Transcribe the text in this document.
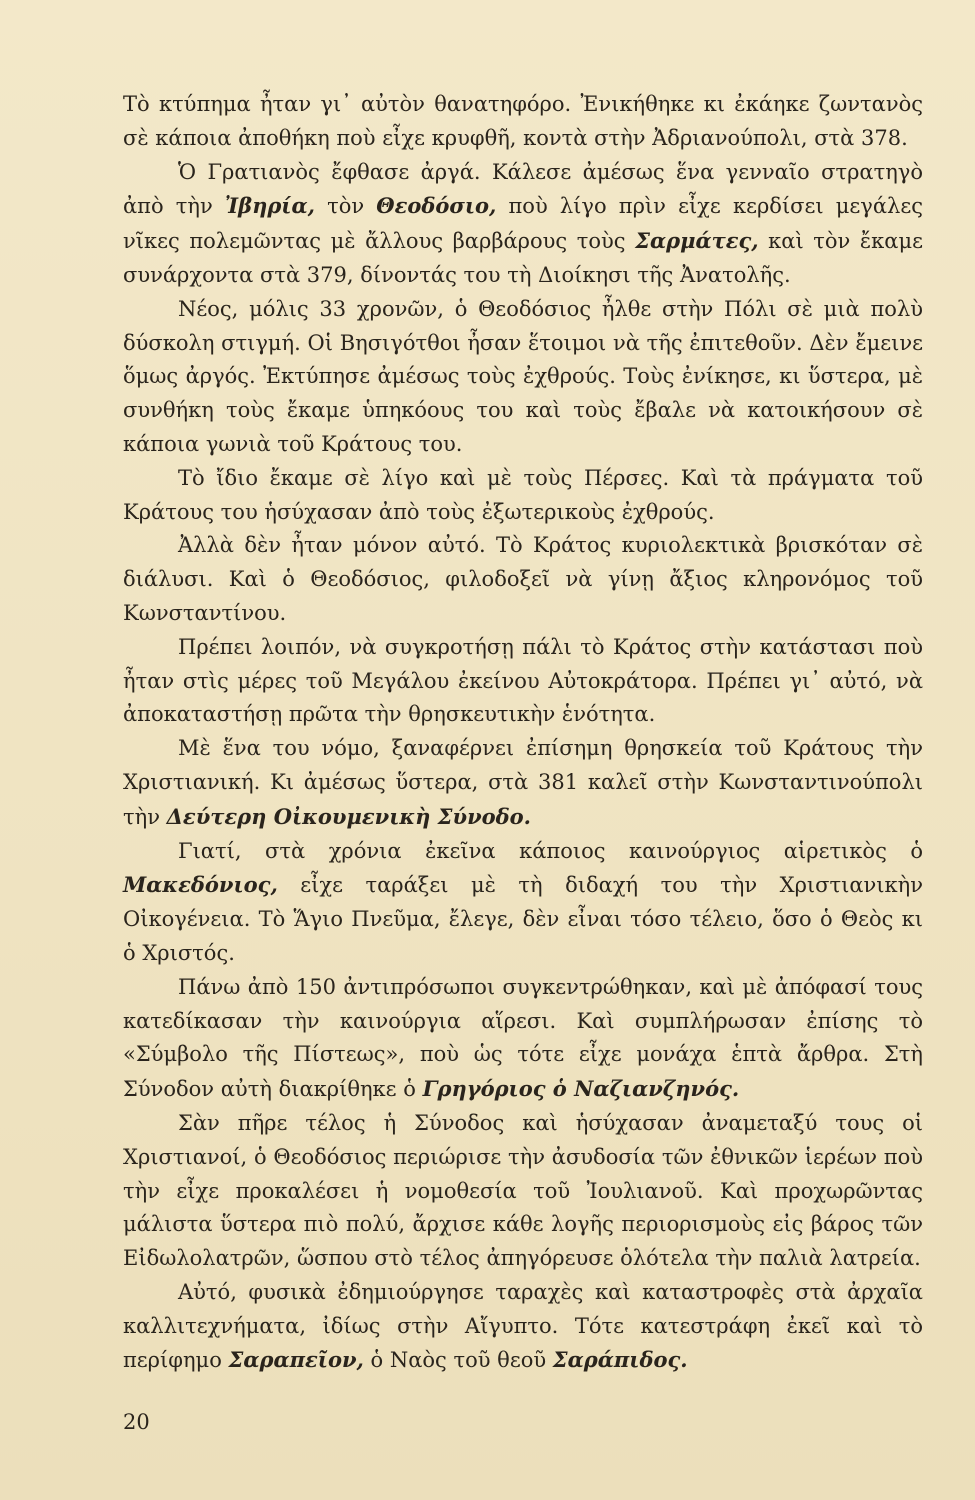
Τὸ κτύπημα ἦταν γι᾿ αὐτὸν θανατηφόρο. Ἐνικήθηκε κι ἐκάηκε ζωντανὸς σὲ κάποια ἀποθήκη ποὺ εἶχε κρυφθῆ, κοντὰ στὴν Ἀδριανούπολι, στὰ 378.

Ὁ Γρατιανὸς ἔφθασε ἀργά. Κάλεσε ἀμέσως ἕνα γενναῖο στρατηγὸ ἀπὸ τὴν Ἰβηρία, τὸν Θεοδόσιο, ποὺ λίγο πρὶν εἶχε κερδίσει μεγάλες νῖκες πολεμῶντας μὲ ἄλλους βαρβάρους τοὺς Σαρμάτες, καὶ τὸν ἔκαμε συνάρχοντα στὰ 379, δίνοντάς του τὴ Διοίκησι τῆς Ἀνατολῆς.

Νέος, μόλις 33 χρονῶν, ὁ Θεοδόσιος ἦλθε στὴν Πόλι σὲ μιὰ πολὺ δύσκολη στιγμή. Οἱ Βησιγότθοι ἦσαν ἕτοιμοι νὰ τῆς ἐπιτεθοῦν. Δὲν ἔμεινε ὅμως ἀργός. Ἐκτύπησε ἀμέσως τοὺς ἐχθρούς. Τοὺς ἐνίκησε, κι ὕστερα, μὲ συνθήκη τοὺς ἔκαμε ὑπηκόους του καὶ τοὺς ἔβαλε νὰ κατοικήσουν σὲ κάποια γωνιὰ τοῦ Κράτους του.

Τὸ ἴδιο ἔκαμε σὲ λίγο καὶ μὲ τοὺς Πέρσες. Καὶ τὰ πράγματα τοῦ Κράτους του ἡσύχασαν ἀπὸ τοὺς ἐξωτερικοὺς ἐχθρούς.

Ἀλλὰ δὲν ἦταν μόνον αὐτό. Τὸ Κράτος κυριολεκτικὰ βρισκόταν σὲ διάλυσι. Καὶ ὁ Θεοδόσιος, φιλοδοξεῖ νὰ γίνῃ ἄξιος κληρονόμος τοῦ Κωνσταντίνου.

Πρέπει λοιπόν, νὰ συγκροτήσῃ πάλι τὸ Κράτος στὴν κατάστασι ποὺ ἦταν στὶς μέρες τοῦ Μεγάλου ἐκείνου Αὐτοκράτορα. Πρέπει γι᾿ αὐτό, νὰ ἀποκαταστήσῃ πρῶτα τὴν θρησκευτικὴν ἑνότητα.

Μὲ ἕνα του νόμο, ξαναφέρνει ἐπίσημη θρησκεία τοῦ Κράτους τὴν Χριστιανική. Κι ἀμέσως ὕστερα, στὰ 381 καλεῖ στὴν Κωνσταντινούπολι τὴν Δεύτερη Οἰκουμενικὴ Σύνοδο.

Γιατί, στὰ χρόνια ἐκεῖνα κάποιος καινούργιος αἱρετικὸς ὁ Μακεδόνιος, εἶχε ταράξει μὲ τὴ διδαχή του τὴν Χριστιανικὴν Οἰκογένεια. Τὸ Ἅγιο Πνεῦμα, ἔλεγε, δὲν εἶναι τόσο τέλειο, ὅσο ὁ Θεὸς κι ὁ Χριστός.

Πάνω ἀπὸ 150 ἀντιπρόσωποι συγκεντρώθηκαν, καὶ μὲ ἀπόφασί τους κατεδίκασαν τὴν καινούργια αἵρεσι. Καὶ συμπλήρωσαν ἐπίσης τὸ «Σύμβολο τῆς Πίστεως», ποὺ ὡς τότε εἶχε μονάχα ἑπτὰ ἄρθρα. Στὴ Σύνοδον αὐτὴ διακρίθηκε ὁ Γρηγόριος ὁ Ναζιανζηνός.

Σὰν πῆρε τέλος ἡ Σύνοδος καὶ ἡσύχασαν ἀναμεταξύ τους οἱ Χριστιανοί, ὁ Θεοδόσιος περιώρισε τὴν ἀσυδοσία τῶν ἐθνικῶν ἱερέων ποὺ τὴν εἶχε προκαλέσει ἡ νομοθεσία τοῦ Ἰουλιανοῦ. Καὶ προχωρῶντας μάλιστα ὕστερα πιὸ πολύ, ἄρχισε κάθε λογῆς περιορισμοὺς εἰς βάρος τῶν Εἰδωλολατρῶν, ὥσπου στὸ τέλος ἀπηγόρευσε ὁλότελα τὴν παλιὰ λατρεία.

Αὐτό, φυσικὰ ἐδημιούργησε ταραχὲς καὶ καταστροφὲς στὰ ἀρχαῖα καλλιτεχνήματα, ἰδίως στὴν Αἴγυπτο. Τότε κατεστράφη ἐκεῖ καὶ τὸ περίφημο Σαραπεῖον, ὁ Ναὸς τοῦ θεοῦ Σαράπιδος.

20
